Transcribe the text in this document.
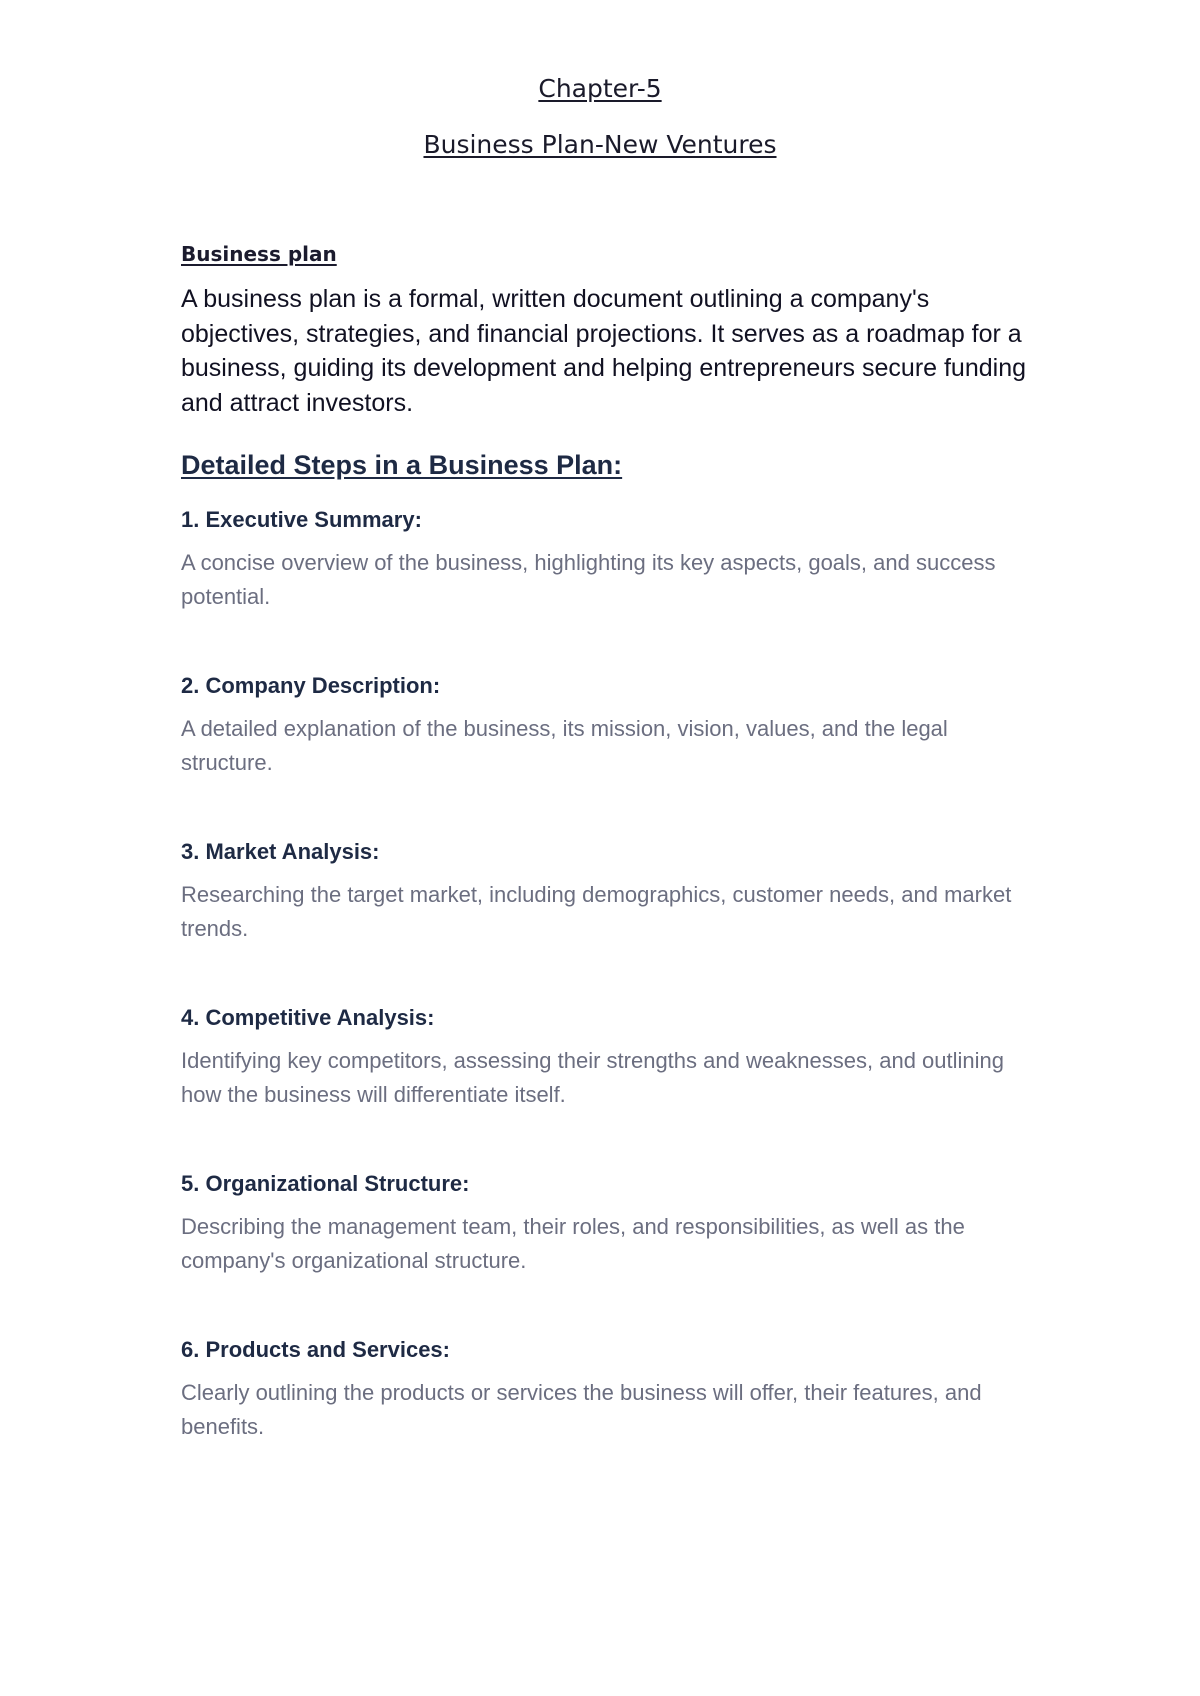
Chapter-5
Business Plan-New Ventures

Business plan

A business plan is a formal, written document outlining a company's objectives, strategies, and financial projections. It serves as a roadmap for a business, guiding its development and helping entrepreneurs secure funding and attract investors.

Detailed Steps in a Business Plan:

1. Executive Summary:

A concise overview of the business, highlighting its key aspects, goals, and success potential.

2. Company Description:

A detailed explanation of the business, its mission, vision, values, and the legal structure.

3. Market Analysis:

Researching the target market, including demographics, customer needs, and market trends.

4. Competitive Analysis:

Identifying key competitors, assessing their strengths and weaknesses, and outlining how the business will differentiate itself.

5. Organizational Structure:

Describing the management team, their roles, and responsibilities, as well as the company's organizational structure.

6. Products and Services:

Clearly outlining the products or services the business will offer, their features, and benefits.
